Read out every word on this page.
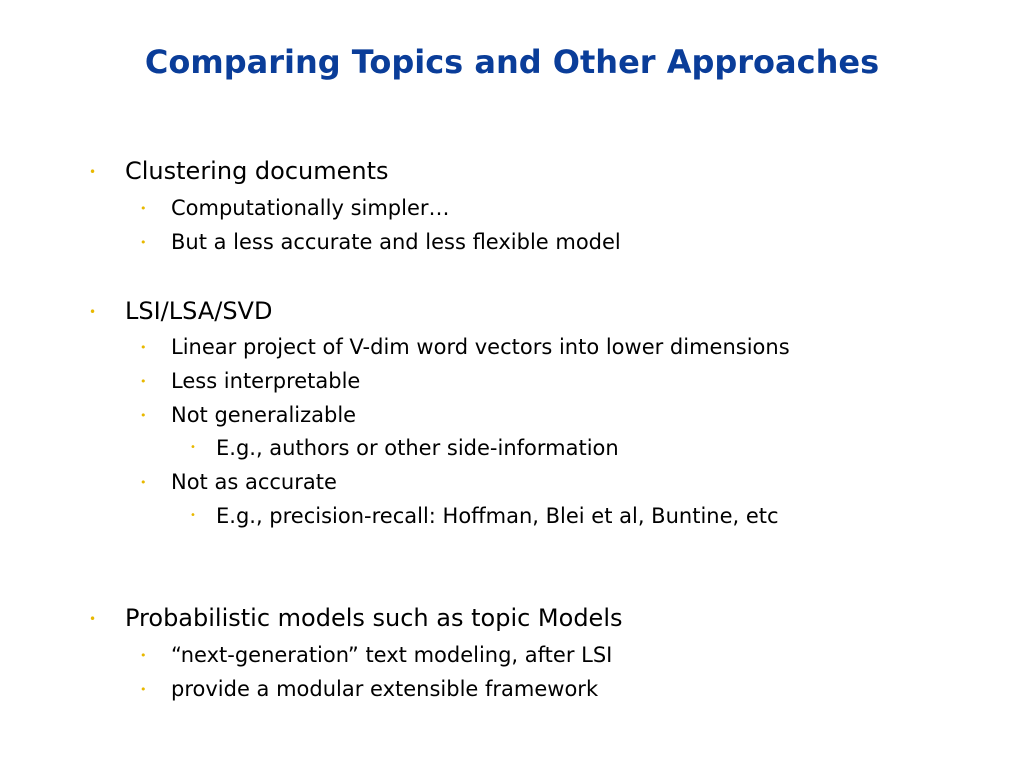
Comparing Topics and Other Approaches
• Clustering documents
• Computationally simpler…
• But a less accurate and less flexible model
• LSI/LSA/SVD
• Linear project of V-dim word vectors into lower dimensions
• Less interpretable
• Not generalizable
• E.g., authors or other side-information
• Not as accurate
• E.g., precision-recall: Hoffman, Blei et al, Buntine, etc
• Probabilistic models such as topic Models
• “next-generation” text modeling, after LSI
• provide a modular extensible framework
